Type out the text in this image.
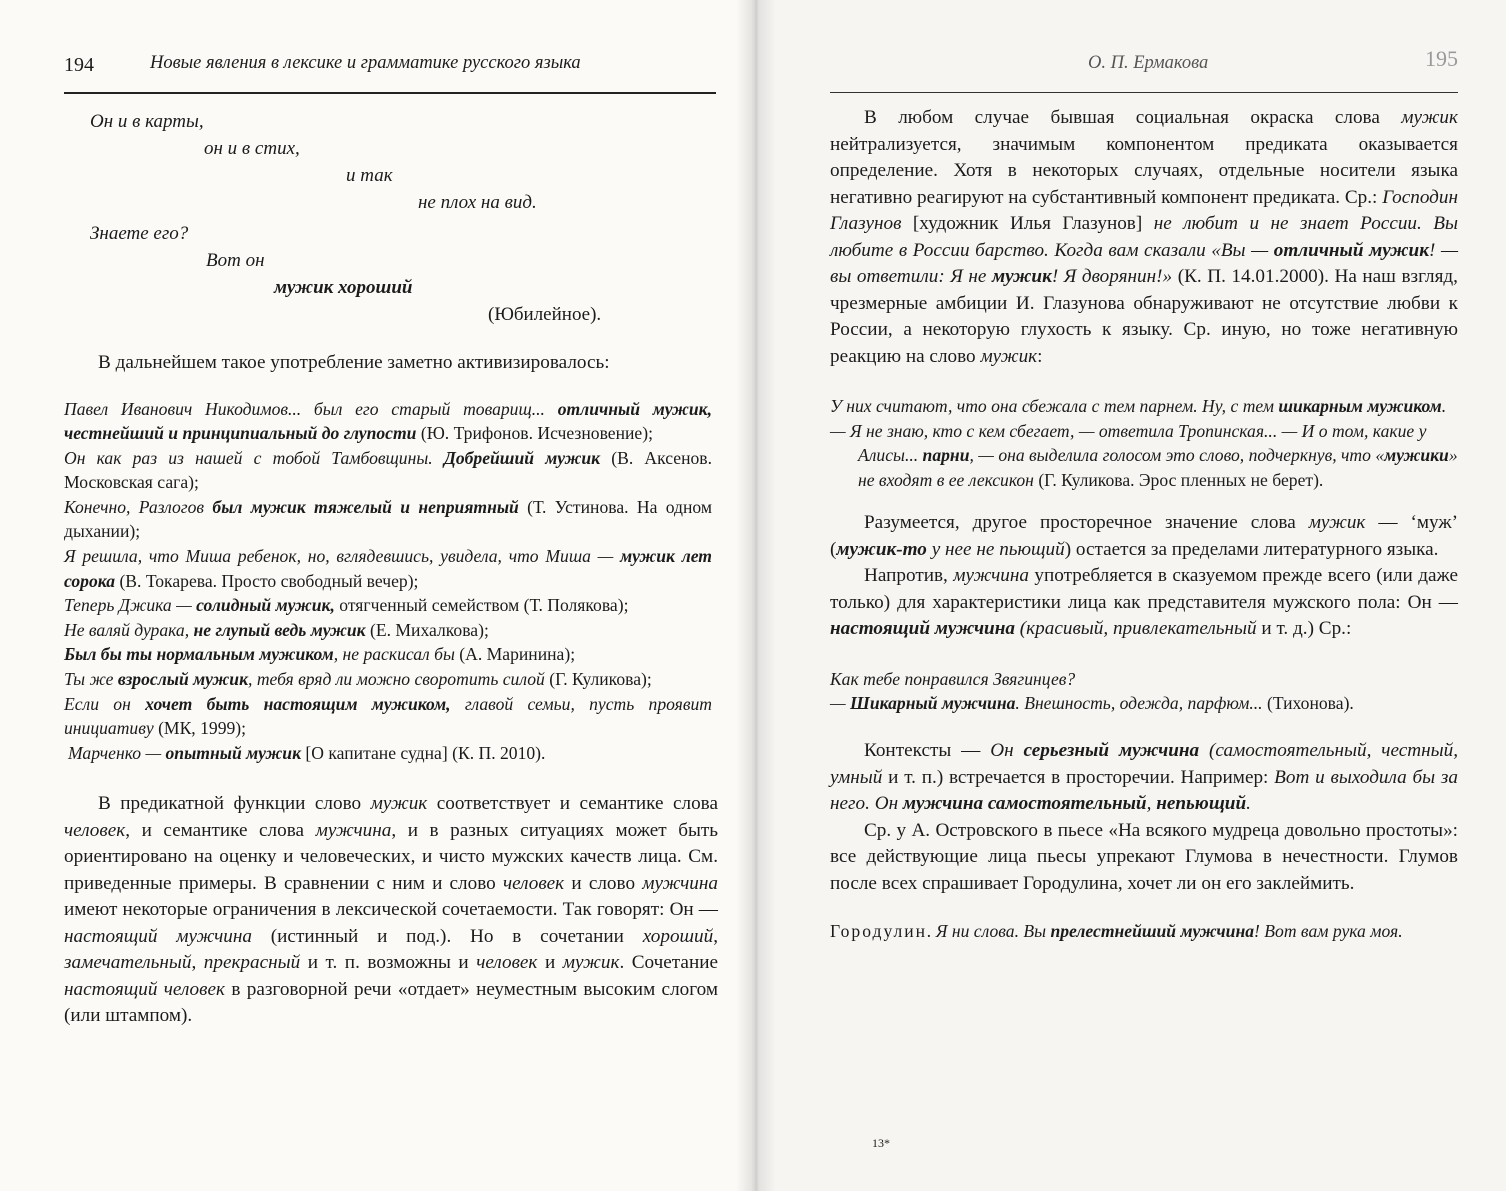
194	Новые явления в лексике и грамматике русского языка
Он и в карты,
он и в стих,
и так
не плох на вид.
Знаете его?
Вот он
мужик хороший
(Юбилейное).

В дальнейшем такое употребление заметно активизировалось:

Павел Иванович Никодимов... был его старый товарищ... отличный мужик, честнейший и принципиальный до глупости (Ю. Трифонов. Исчезновение);

Он как раз из нашей с тобой Тамбовщины. Добрейший мужик (В. Аксенов. Московская сага);

Конечно, Разлогов был мужик тяжелый и неприятный (Т. Устинова. На одном дыхании);

Я решила, что Миша ребенок, но, вглядевшись, увидела, что Миша — мужик лет сорока (В. Токарева. Просто свободный вечер);

Теперь Джика — солидный мужик, отягченный семейством (Т. Полякова);

Не валяй дурака, не глупый ведь мужик (Е. Михалкова);

Был бы ты нормальным мужиком, не раскисал бы (А. Маринина);

Ты же взрослый мужик, тебя вряд ли можно своротить силой (Г. Куликова);

Если он хочет быть настоящим мужиком, главой семьи, пусть проявит инициативу (МК, 1999);

Марченко — опытный мужик [О капитане судна] (К. П. 2010).

В предикатной функции слово мужик соответствует и семантике слова человек, и семантике слова мужчина, и в разных ситуациях может быть ориентировано на оценку и человеческих, и чисто мужских качеств лица. См. приведенные примеры. В сравнении с ним и слово человек и слово мужчина имеют некоторые ограничения в лексической сочетаемости. Так говорят: Он — настоящий мужчина (истинный и под.). Но в сочетании хороший, замечательный, прекрасный и т. п. возможны и человек и мужик. Сочетание настоящий человек в разговорной речи «отдает» неуместным высоким слогом (или штампом).

О. П. Ермакова	195

В любом случае бывшая социальная окраска слова мужик нейтрализуется, значимым компонентом предиката оказывается определение. Хотя в некоторых случаях, отдельные носители языка негативно реагируют на субстантивный компонент предиката. Ср.: Господин Глазунов [художник Илья Глазунов] не любит и не знает России. Вы любите в России барство. Когда вам сказали «Вы — отличный мужик! — вы ответили: Я не мужик! Я дворянин!» (К. П. 14.01.2000). На наш взгляд, чрезмерные амбиции И. Глазунова обнаруживают не отсутствие любви к России, а некоторую глухость к языку. Ср. иную, но тоже негативную реакцию на слово мужик:

У них считают, что она сбежала с тем парнем. Ну, с тем шикарным мужиком.

— Я не знаю, кто с кем сбегает, — ответила Тропинская... — И о том, какие у Алисы... парни, — она выделила голосом это слово, подчеркнув, что «мужики» не входят в ее лексикон (Г. Куликова. Эрос пленных не берет).

Разумеется, другое просторечное значение слова мужик — ‘муж’ (мужик-то у нее не пьющий) остается за пределами литературного языка.

Напротив, мужчина употребляется в сказуемом прежде всего (или даже только) для характеристики лица как представителя мужского пола: Он — настоящий мужчина (красивый, привлекательный и т. д.) Ср.:

Как тебе понравился Звягинцев?

— Шикарный мужчина. Внешность, одежда, парфюм... (Тихонова).

Контексты — Он серьезный мужчина (самостоятельный, честный, умный и т. п.) встречается в просторечии. Например: Вот и выходила бы за него. Он мужчина самостоятельный, непьющий.

Ср. у А. Островского в пьесе «На всякого мудреца довольно простоты»: все действующие лица пьесы упрекают Глумова в нечестности. Глумов после всех спрашивает Городулина, хочет ли он его заклеймить.

Городулин. Я ни слова. Вы прелестнейший мужчина! Вот вам рука моя.

13*
